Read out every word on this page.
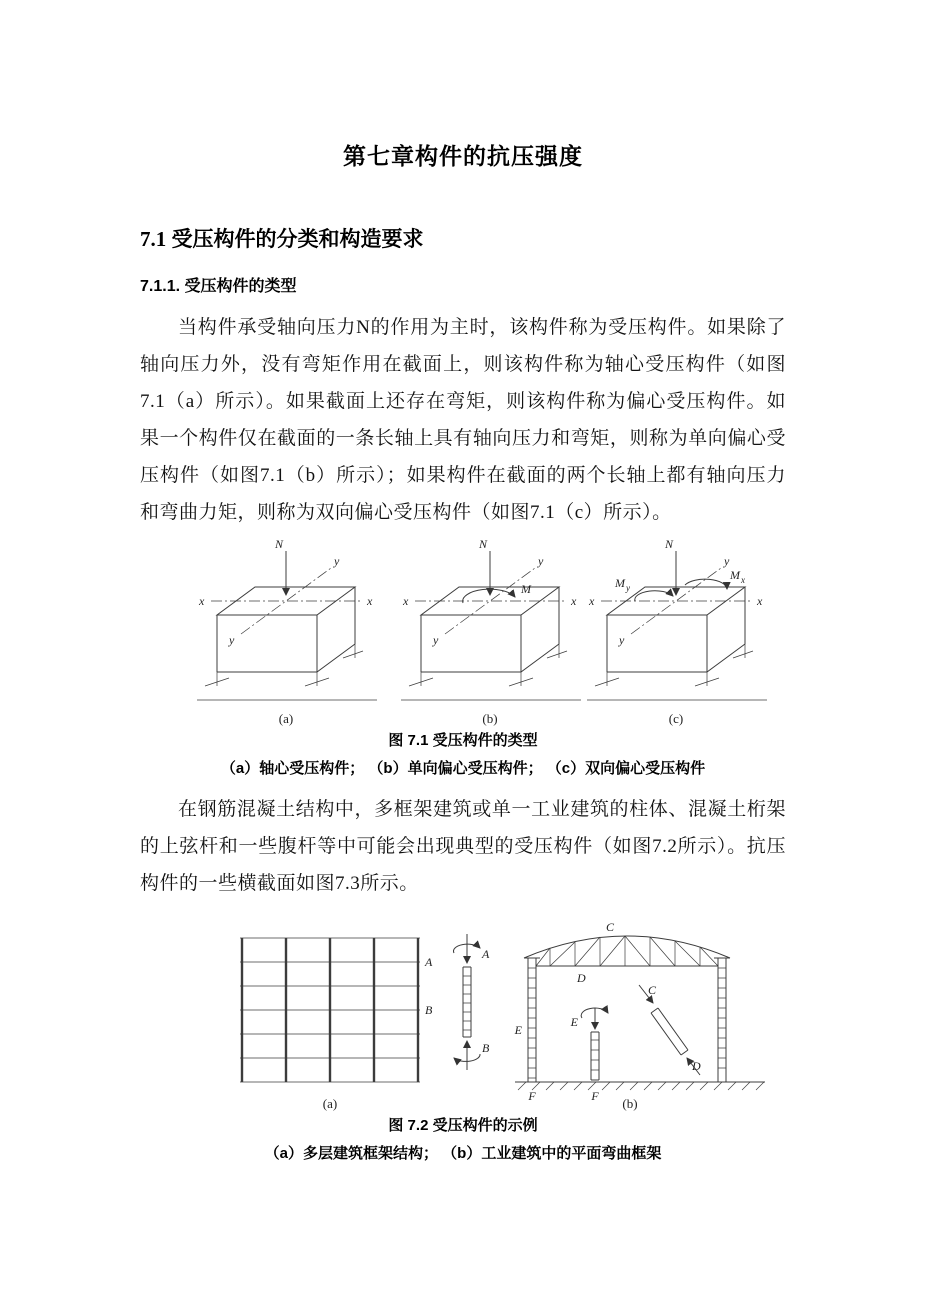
第七章构件的抗压强度
7.1 受压构件的分类和构造要求
7.1.1. 受压构件的类型

当构件承受轴向压力N的作用为主时，该构件称为受压构件。如果除了轴向压力外，没有弯矩作用在截面上，则该构件称为轴心受压构件（如图7.1（a）所示）。如果截面上还存在弯矩，则该构件称为偏心受压构件。如果一个构件仅在截面的一条长轴上具有轴向压力和弯矩，则称为单向偏心受压构件（如图7.1（b）所示）；如果构件在截面的两个长轴上都有轴向压力和弯曲力矩，则称为双向偏心受压构件（如图7.1（c）所示）。

N
x	x
y
y
(a)
N
M
x	x
y
y
(b)
N
M y
M x
x	x
y
y
(c)
图 7.1 受压构件的类型
（a）轴心受压构件； （b）单向偏心受压构件； （c）双向偏心受压构件

在钢筋混凝土结构中，多框架建筑或单一工业建筑的柱体、混凝土桁架的上弦杆和一些腹杆等中可能会出现典型的受压构件（如图7.2所示）。抗压构件的一些横截面如图7.3所示。

A
B
(a)
A
B
C
D
E
F
E
F
C
D
(b)
图 7.2 受压构件的示例
（a）多层建筑框架结构； （b）工业建筑中的平面弯曲框架
